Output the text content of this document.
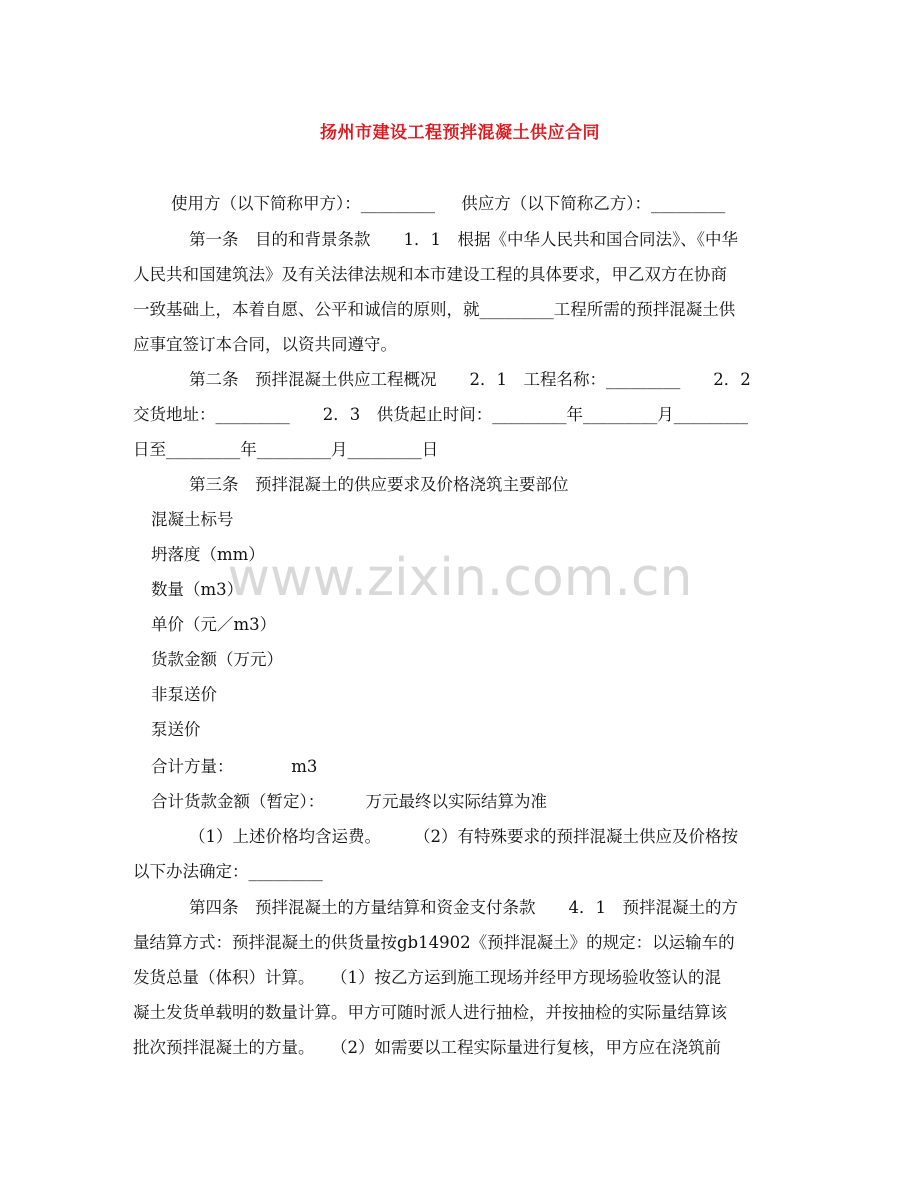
扬州市建设工程预拌混凝土供应合同
www.zixin.com.cn
使用方（以下简称甲方）：_________     供应方（以下简称乙方）：_________
第一条　目的和背景条款　　1．1　根据《中华人民共和国合同法》、《中华
人民共和国建筑法》及有关法律法规和本市建设工程的具体要求，甲乙双方在协商
一致基础上，本着自愿、公平和诚信的原则，就_________工程所需的预拌混凝土供
应事宜签订本合同，以资共同遵守。
第二条　预拌混凝土供应工程概况　　2．1　工程名称：_________　　2．2
交货地址：_________　　2．3　供货起止时间：_________年_________月_________
日至_________年_________月_________日
第三条　预拌混凝土的供应要求及价格浇筑主要部位
混凝土标号
坍落度（mm）
数量（m3）
单价（元／m3）
货款金额（万元）
非泵送价
泵送价
合计方量：　　　　m3
合计货款金额（暂定）：　　　万元最终以实际结算为准
（1）上述价格均含运费。　　　（2）有特殊要求的预拌混凝土供应及价格按
以下办法确定：_________
第四条　预拌混凝土的方量结算和资金支付条款　　4．1　预拌混凝土的方
量结算方式：预拌混凝土的供货量按gb14902《预拌混凝土》的规定：以运输车的
发货总量（体积）计算。　　（1）按乙方运到施工现场并经甲方现场验收签认的混
凝土发货单载明的数量计算。甲方可随时派人进行抽检，并按抽检的实际量结算该
批次预拌混凝土的方量。　　（2）如需要以工程实际量进行复核，甲方应在浇筑前
